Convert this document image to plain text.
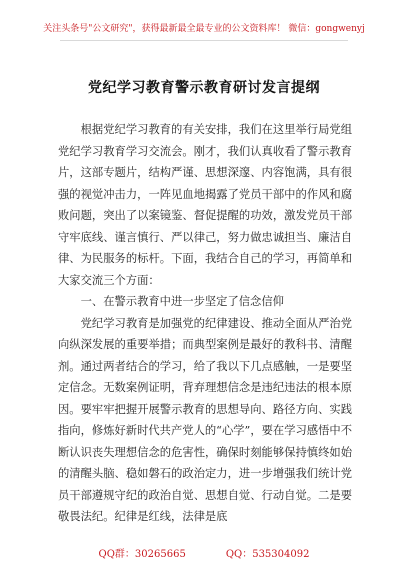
关注头条号"公文研究"，获得最新最全最专业的公文资料库！ 微信：gongwenyj
党纪学习教育警示教育研讨发言提纲

根据党纪学习教育的有关安排，我们在这里举行局党组党纪学习教育学习交流会。刚才，我们认真收看了警示教育片，这部专题片，结构严谨、思想深邃、内容饱满，具有很强的视觉冲击力，一阵见血地揭露了党员干部中的作风和腐败问题，突出了以案镜鉴、督促提醒的功效，激发党员干部守牢底线、谨言慎行、严以律己，努力做忠诚担当、廉洁自律、为民服务的标杆。下面，我结合自己的学习，再简单和大家交流三个方面：

一、在警示教育中进一步坚定了信念信仰

党纪学习教育是加强党的纪律建设、推动全面从严治党向纵深发展的重要举措；而典型案例是最好的教科书、清醒剂。通过两者结合的学习，给了我以下几点感触，一是要坚定信念。无数案例证明，背弃理想信念是违纪违法的根本原因。要牢牢把握开展警示教育的思想导向、路径方向、实践指向，修炼好新时代共产党人的“心学”，要在学习感悟中不断认识丧失理想信念的危害性，确保时刻能够保持慎终如始的清醒头脑、稳如磐石的政治定力，进一步增强我们统计党员干部遵规守纪的政治自觉、思想自觉、行动自觉。二是要敬畏法纪。纪律是红线，法律是底

QQ群：30265665	QQ：535304092
